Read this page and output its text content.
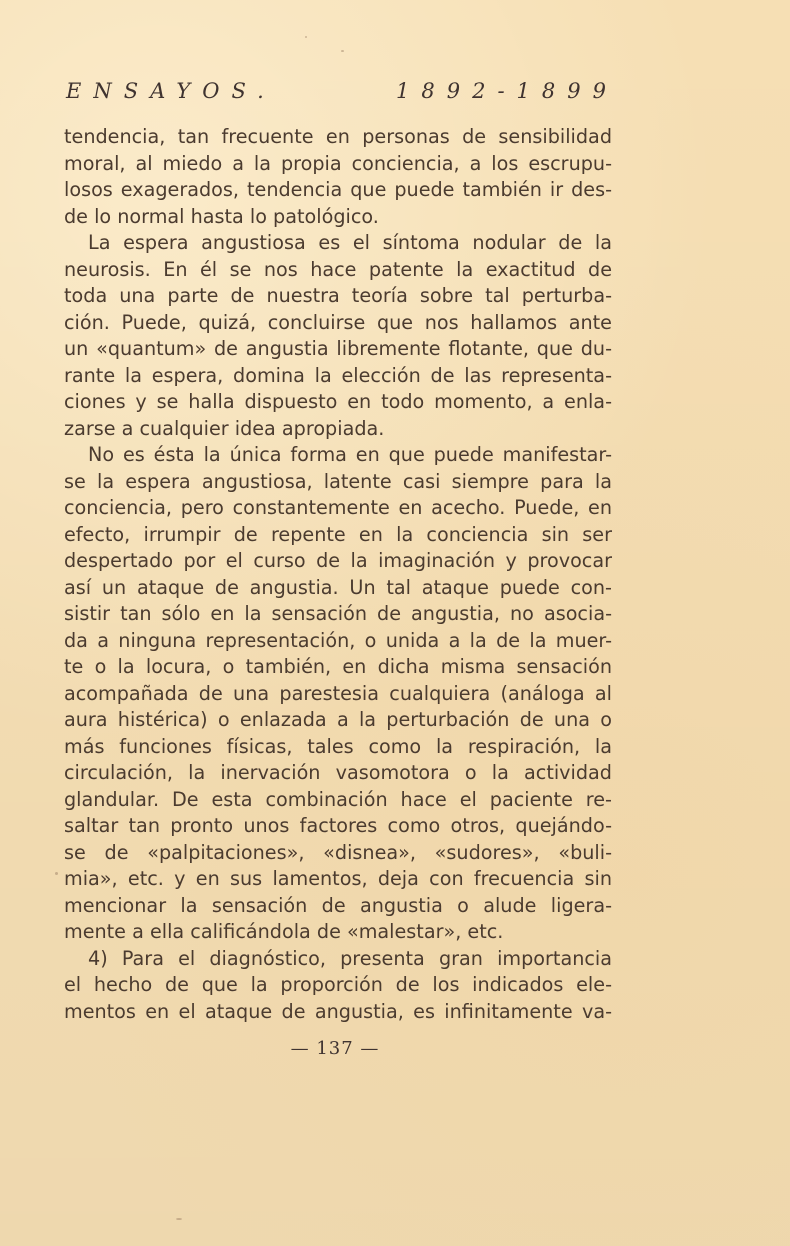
ENSAYOS.	1892-1899
tendencia, tan frecuente en personas de sensibilidad
moral, al miedo a la propia conciencia, a los escrupu-
losos exagerados, tendencia que puede también ir des-
de lo normal hasta lo patológico.
La espera angustiosa es el síntoma nodular de la
neurosis. En él se nos hace patente la exactitud de
toda una parte de nuestra teoría sobre tal perturba-
ción. Puede, quizá, concluirse que nos hallamos ante
un «quantum» de angustia libremente flotante, que du-
rante la espera, domina la elección de las representa-
ciones y se halla dispuesto en todo momento, a enla-
zarse a cualquier idea apropiada.
No es ésta la única forma en que puede manifestar-
se la espera angustiosa, latente casi siempre para la
conciencia, pero constantemente en acecho. Puede, en
efecto, irrumpir de repente en la conciencia sin ser
despertado por el curso de la imaginación y provocar
así un ataque de angustia. Un tal ataque puede con-
sistir tan sólo en la sensación de angustia, no asocia-
da a ninguna representación, o unida a la de la muer-
te o la locura, o también, en dicha misma sensación
acompañada de una parestesia cualquiera (análoga al
aura histérica) o enlazada a la perturbación de una o
más funciones físicas, tales como la respiración, la
circulación, la inervación vasomotora o la actividad
glandular. De esta combinación hace el paciente re-
saltar tan pronto unos factores como otros, quejándo-
se de «palpitaciones», «disnea», «sudores», «buli-
mia», etc. y en sus lamentos, deja con frecuencia sin
mencionar la sensación de angustia o alude ligera-
mente a ella calificándola de «malestar», etc.
4) Para el diagnóstico, presenta gran importancia
el hecho de que la proporción de los indicados ele-
mentos en el ataque de angustia, es infinitamente va-
— 137 —
